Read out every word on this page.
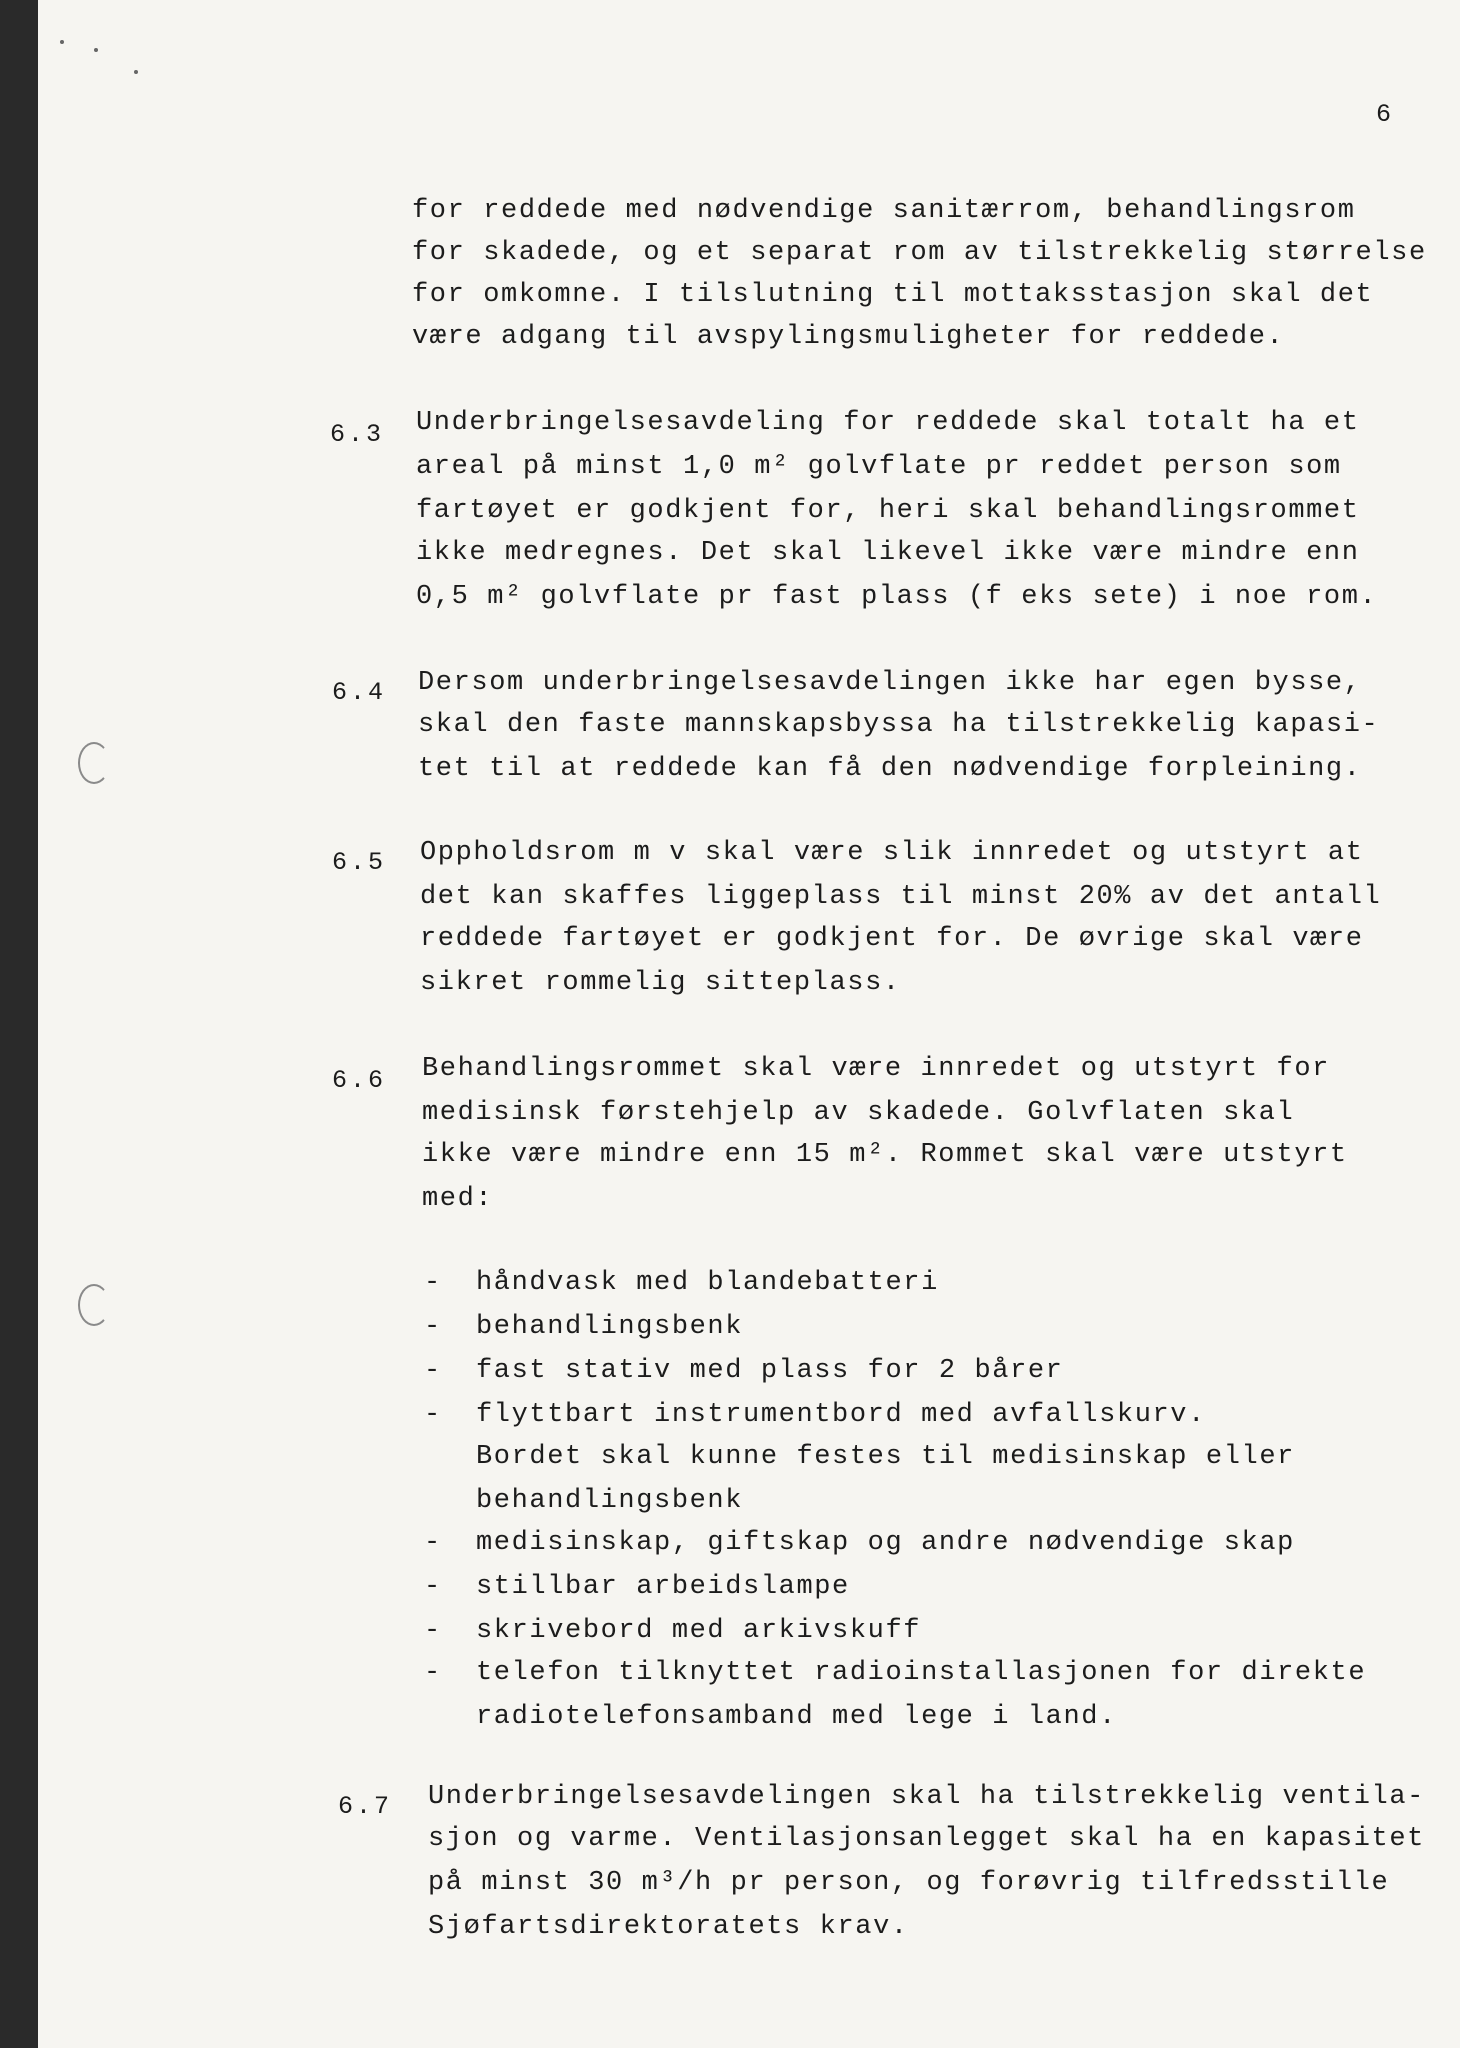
6
for reddede med nødvendige sanitærrom, behandlingsrom
for skadede, og et separat rom av tilstrekkelig størrelse
for omkomne. I tilslutning til mottaksstasjon skal det
være adgang til avspylingsmuligheter for reddede.
6.3 Underbringelsesavdeling for reddede skal totalt ha et
areal på minst 1,0 m² golvflate pr reddet person som
fartøyet er godkjent for, heri skal behandlingsrommet
ikke medregnes. Det skal likevel ikke være mindre enn
0,5 m² golvflate pr fast plass (f eks sete) i noe rom.
6.4 Dersom underbringelsesavdelingen ikke har egen bysse,
skal den faste mannskapsbyssa ha tilstrekkelig kapasi-
tet til at reddede kan få den nødvendige forpleining.
6.5 Oppholdsrom m v skal være slik innredet og utstyrt at
det kan skaffes liggeplass til minst 20% av det antall
reddede fartøyet er godkjent for. De øvrige skal være
sikret rommelig sitteplass.
6.6 Behandlingsrommet skal være innredet og utstyrt for
medisinsk førstehjelp av skadede. Golvflaten skal
ikke være mindre enn 15 m². Rommet skal være utstyrt
med:
- håndvask med blandebatteri
- behandlingsbenk
- fast stativ med plass for 2 bårer
- flyttbart instrumentbord med avfallskurv.
Bordet skal kunne festes til medisinskap eller
behandlingsbenk
- medisinskap, giftskap og andre nødvendige skap
- stillbar arbeidslampe
- skrivebord med arkivskuff
- telefon tilknyttet radioinstallasjonen for direkte
radiotelefonsamband med lege i land.
6.7 Underbringelsesavdelingen skal ha tilstrekkelig ventila-
sjon og varme. Ventilasjonsanlegget skal ha en kapasitet
på minst 30 m³/h pr person, og forøvrig tilfredsstille
Sjøfartsdirektoratets krav.
